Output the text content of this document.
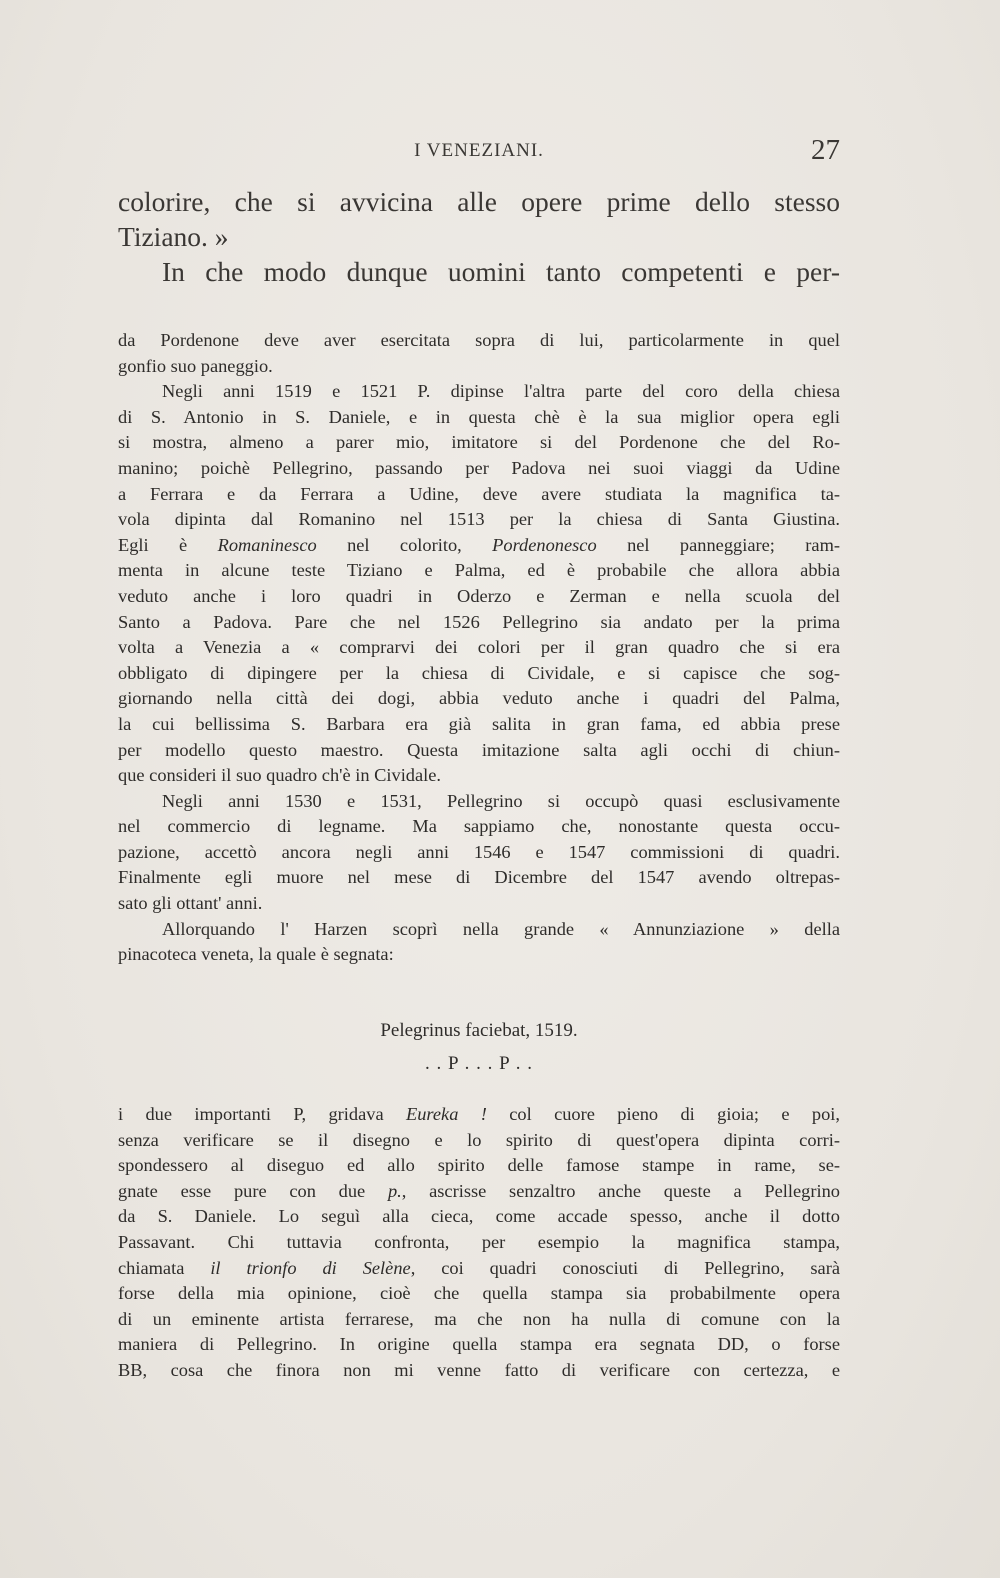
I VENEZIANI.	27
colorire, che si avvicina alle opere prime dello stesso
Tiziano. »
In che modo dunque uomini tanto competenti e per-
da Pordenone deve aver esercitata sopra di lui, particolarmente in quel
gonfio suo paneggio.
Negli anni 1519 e 1521 P. dipinse l'altra parte del coro della chiesa
di S. Antonio in S. Daniele, e in questa chè è la sua miglior opera egli
si mostra, almeno a parer mio, imitatore si del Pordenone che del Ro-
manino; poichè Pellegrino, passando per Padova nei suoi viaggi da Udine
a Ferrara e da Ferrara a Udine, deve avere studiata la magnifica ta-
vola dipinta dal Romanino nel 1513 per la chiesa di Santa Giustina.
Egli è Romaninesco nel colorito, Pordenonesco nel panneggiare; ram-
menta in alcune teste Tiziano e Palma, ed è probabile che allora abbia
veduto anche i loro quadri in Oderzo e Zerman e nella scuola del
Santo a Padova. Pare che nel 1526 Pellegrino sia andato per la prima
volta a Venezia a « comprarvi dei colori per il gran quadro che si era
obbligato di dipingere per la chiesa di Cividale, e si capisce che sog-
giornando nella città dei dogi, abbia veduto anche i quadri del Palma,
la cui bellissima S. Barbara era già salita in gran fama, ed abbia prese
per modello questo maestro. Questa imitazione salta agli occhi di chiun-
que consideri il suo quadro ch'è in Cividale.
Negli anni 1530 e 1531, Pellegrino si occupò quasi esclusivamente
nel commercio di legname. Ma sappiamo che, nonostante questa occu-
pazione, accettò ancora negli anni 1546 e 1547 commissioni di quadri.
Finalmente egli muore nel mese di Dicembre del 1547 avendo oltrepas-
sato gli ottant' anni.
Allorquando l' Harzen scoprì nella grande « Annunziazione » della
pinacoteca veneta, la quale è segnata:
Pelegrinus faciebat, 1519.
. . P . . . P . .
i due importanti P, gridava Eureka ! col cuore pieno di gioia; e poi,
senza verificare se il disegno e lo spirito di quest'opera dipinta corri-
spondessero al diseguo ed allo spirito delle famose stampe in rame, se-
gnate esse pure con due p., ascrisse senzaltro anche queste a Pellegrino
da S. Daniele. Lo seguì alla cieca, come accade spesso, anche il dotto
Passavant. Chi tuttavia confronta, per esempio la magnifica stampa,
chiamata il trionfo di Selène, coi quadri conosciuti di Pellegrino, sarà
forse della mia opinione, cioè che quella stampa sia probabilmente opera
di un eminente artista ferrarese, ma che non ha nulla di comune con la
maniera di Pellegrino. In origine quella stampa era segnata DD, o forse
BB, cosa che finora non mi venne fatto di verificare con certezza, e
